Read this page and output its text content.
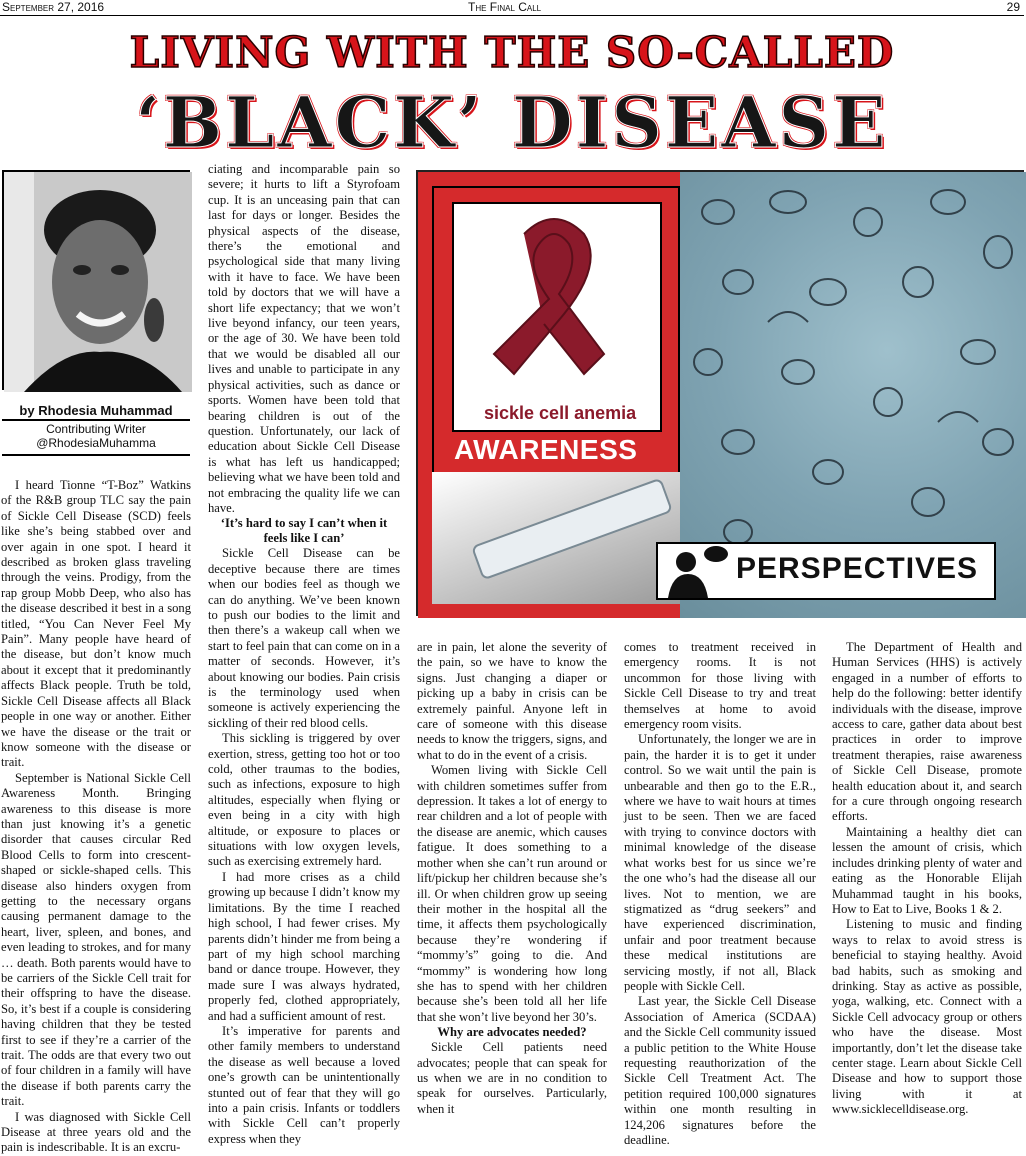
September 27, 2016	The Final Call	29
LIVING WITH THE SO-CALLED
‘BLACK’ DISEASE
by Rhodesia Muhammad
Contributing Writer
@RhodesiaMuhamma

I heard Tionne “T-Boz” Watkins of the R&B group TLC say the pain of Sickle Cell Disease (SCD) feels like she’s being stabbed over and over again in one spot. I heard it described as broken glass traveling through the veins. Prodigy, from the rap group Mobb Deep, who also has the disease described it best in a song titled, “You Can Never Feel My Pain”. Many people have heard of the disease, but don’t know much about it except that it predominantly affects Black people. Truth be told, Sickle Cell Disease affects all Black people in one way or another. Either we have the disease or the trait or know someone with the disease or trait.

September is National Sickle Cell Awareness Month. Bringing awareness to this disease is more than just knowing it’s a genetic disorder that causes circular Red Blood Cells to form into crescent-shaped or sickle-shaped cells. This disease also hinders oxygen from getting to the necessary organs causing permanent damage to the heart, liver, spleen, and bones, and even leading to strokes, and for many … death. Both parents would have to be carriers of the Sickle Cell trait for their offspring to have the disease. So, it’s best if a couple is considering having children that they be tested first to see if they’re a carrier of the trait. The odds are that every two out of four children in a family will have the disease if both parents carry the trait.

I was diagnosed with Sickle Cell Disease at three years old and the pain is indescribable. It is an excru-

ciating and incomparable pain so severe; it hurts to lift a Styrofoam cup. It is an unceasing pain that can last for days or longer. Besides the physical aspects of the disease, there’s the emotional and psychological side that many living with it have to face. We have been told by doctors that we will have a short life expectancy; that we won’t live beyond infancy, our teen years, or the age of 30. We have been told that we would be disabled all our lives and unable to participate in any physical activities, such as dance or sports. Women have been told that bearing children is out of the question. Unfortunately, our lack of education about Sickle Cell Disease is what has left us handicapped; believing what we have been told and not embracing the quality life we can have.

‘It’s hard to say I can’t when it feels like I can’

Sickle Cell Disease can be deceptive because there are times when our bodies feel as though we can do anything. We’ve been known to push our bodies to the limit and then there’s a wakeup call when we start to feel pain that can come on in a matter of seconds. However, it’s about knowing our bodies. Pain crisis is the terminology used when someone is actively experiencing the sickling of their red blood cells.

This sickling is triggered by over exertion, stress, getting too hot or too cold, other traumas to the bodies, such as infections, exposure to high altitudes, especially when flying or even being in a city with high altitude, or exposure to places or situations with low oxygen levels, such as exercising extremely hard.

I had more crises as a child growing up because I didn’t know my limitations. By the time I reached high school, I had fewer crises. My parents didn’t hinder me from being a part of my high school marching band or dance troupe. However, they made sure I was always hydrated, properly fed, clothed appropriately, and had a sufficient amount of rest.

It’s imperative for parents and other family members to understand the disease as well because a loved one’s growth can be unintentionally stunted out of fear that they will go into a pain crisis. Infants or toddlers with Sickle Cell can’t properly express when they

sickle cell anemia
AWARENESS
PERSPECTIVES

are in pain, let alone the severity of the pain, so we have to know the signs. Just changing a diaper or picking up a baby in crisis can be extremely painful. Anyone left in care of someone with this disease needs to know the triggers, signs, and what to do in the event of a crisis.

Women living with Sickle Cell with children sometimes suffer from depression. It takes a lot of energy to rear children and a lot of people with the disease are anemic, which causes fatigue. It does something to a mother when she can’t run around or lift/pickup her children because she’s ill. Or when children grow up seeing their mother in the hospital all the time, it affects them psychologically because they’re wondering if “mommy’s” going to die. And “mommy” is wondering how long she has to spend with her children because she’s been told all her life that she won’t live beyond her 30’s.

Why are advocates needed?

Sickle Cell patients need advocates; people that can speak for us when we are in no condition to speak for ourselves. Particularly, when it

comes to treatment received in emergency rooms. It is not uncommon for those living with Sickle Cell Disease to try and treat themselves at home to avoid emergency room visits.

Unfortunately, the longer we are in pain, the harder it is to get it under control. So we wait until the pain is unbearable and then go to the E.R., where we have to wait hours at times just to be seen. Then we are faced with trying to convince doctors with minimal knowledge of the disease what works best for us since we’re the one who’s had the disease all our lives. Not to mention, we are stigmatized as “drug seekers” and have experienced discrimination, unfair and poor treatment because these medical institutions are servicing mostly, if not all, Black people with Sickle Cell.

Last year, the Sickle Cell Disease Association of America (SCDAA) and the Sickle Cell community issued a public petition to the White House requesting reauthorization of the Sickle Cell Treatment Act. The petition required 100,000 signatures within one month resulting in 124,206 signatures before the deadline.

The Department of Health and Human Services (HHS) is actively engaged in a number of efforts to help do the following: better identify individuals with the disease, improve access to care, gather data about best practices in order to improve treatment therapies, raise awareness of Sickle Cell Disease, promote health education about it, and search for a cure through ongoing research efforts.

Maintaining a healthy diet can lessen the amount of crisis, which includes drinking plenty of water and eating as the Honorable Elijah Muhammad taught in his books, How to Eat to Live, Books 1 & 2.

Listening to music and finding ways to relax to avoid stress is beneficial to staying healthy. Avoid bad habits, such as smoking and drinking. Stay as active as possible, yoga, walking, etc. Connect with a Sickle Cell advocacy group or others who have the disease. Most importantly, don’t let the disease take center stage. Learn about Sickle Cell Disease and how to support those living with it at www.sicklecelldisease.org.
